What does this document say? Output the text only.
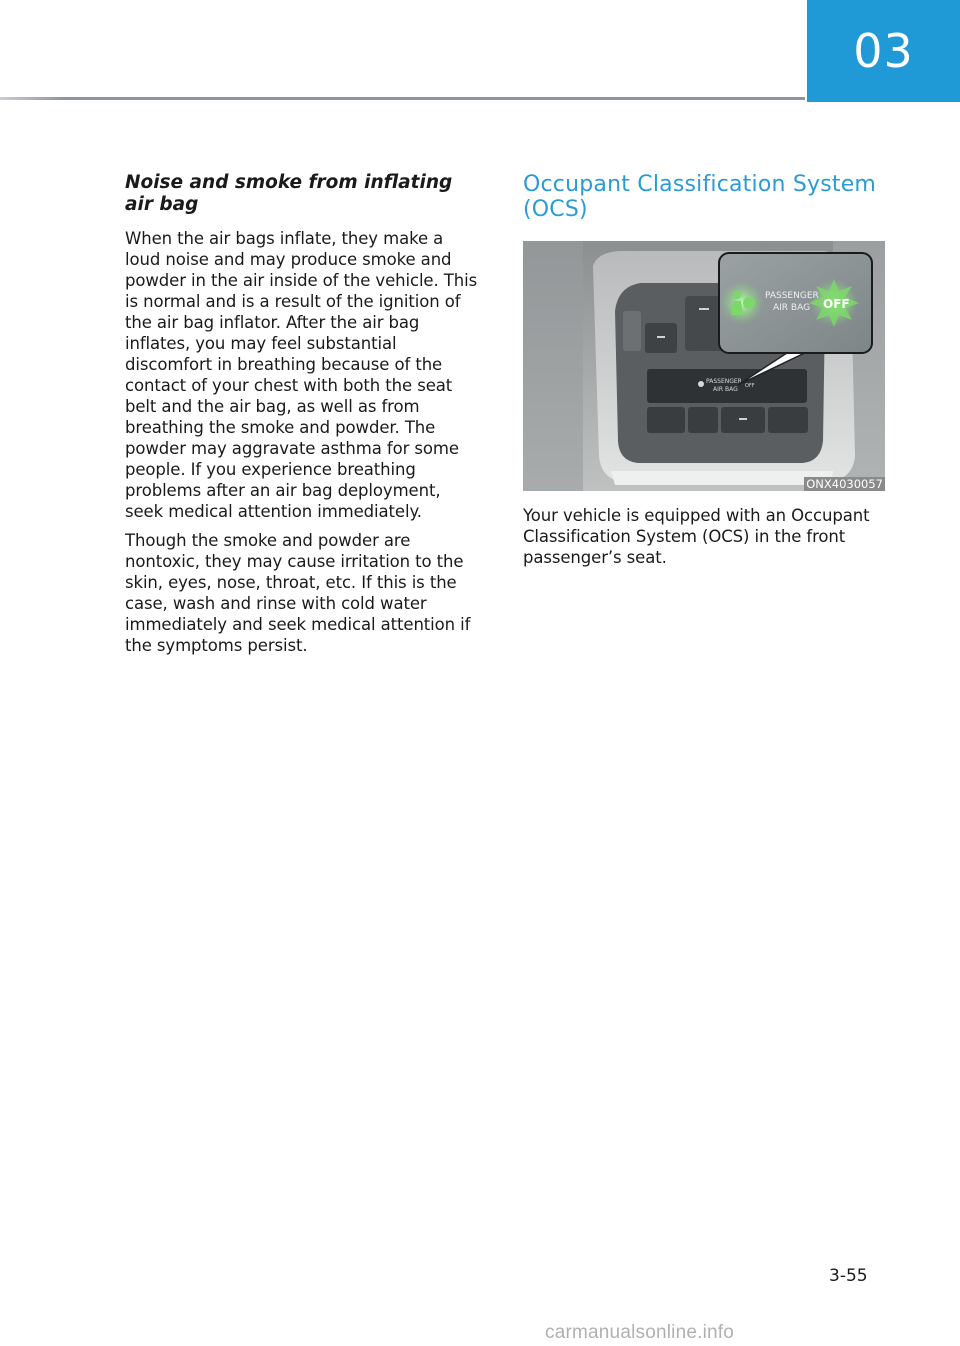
03
Noise and smoke from inflating air bag

When the air bags inflate, they make a loud noise and may produce smoke and powder in the air inside of the vehicle. This is normal and is a result of the ignition of the air bag inflator. After the air bag inflates, you may feel substantial discomfort in breathing because of the contact of your chest with both the seat belt and the air bag, as well as from breathing the smoke and powder. The powder may aggravate asthma for some people. If you experience breathing problems after an air bag deployment, seek medical attention immediately.

Though the smoke and powder are nontoxic, they may cause irritation to the skin, eyes, nose, throat, etc. If this is the case, wash and rinse with cold water immediately and seek medical attention if the symptoms persist.

Occupant Classification System (OCS)
PASSENGER
AIR BAG OFF
PASSENGER
AIR BAG OFF
ONX4030057

Your vehicle is equipped with an Occupant Classification System (OCS) in the front passenger’s seat.

3-55
carmanualsonline.info
